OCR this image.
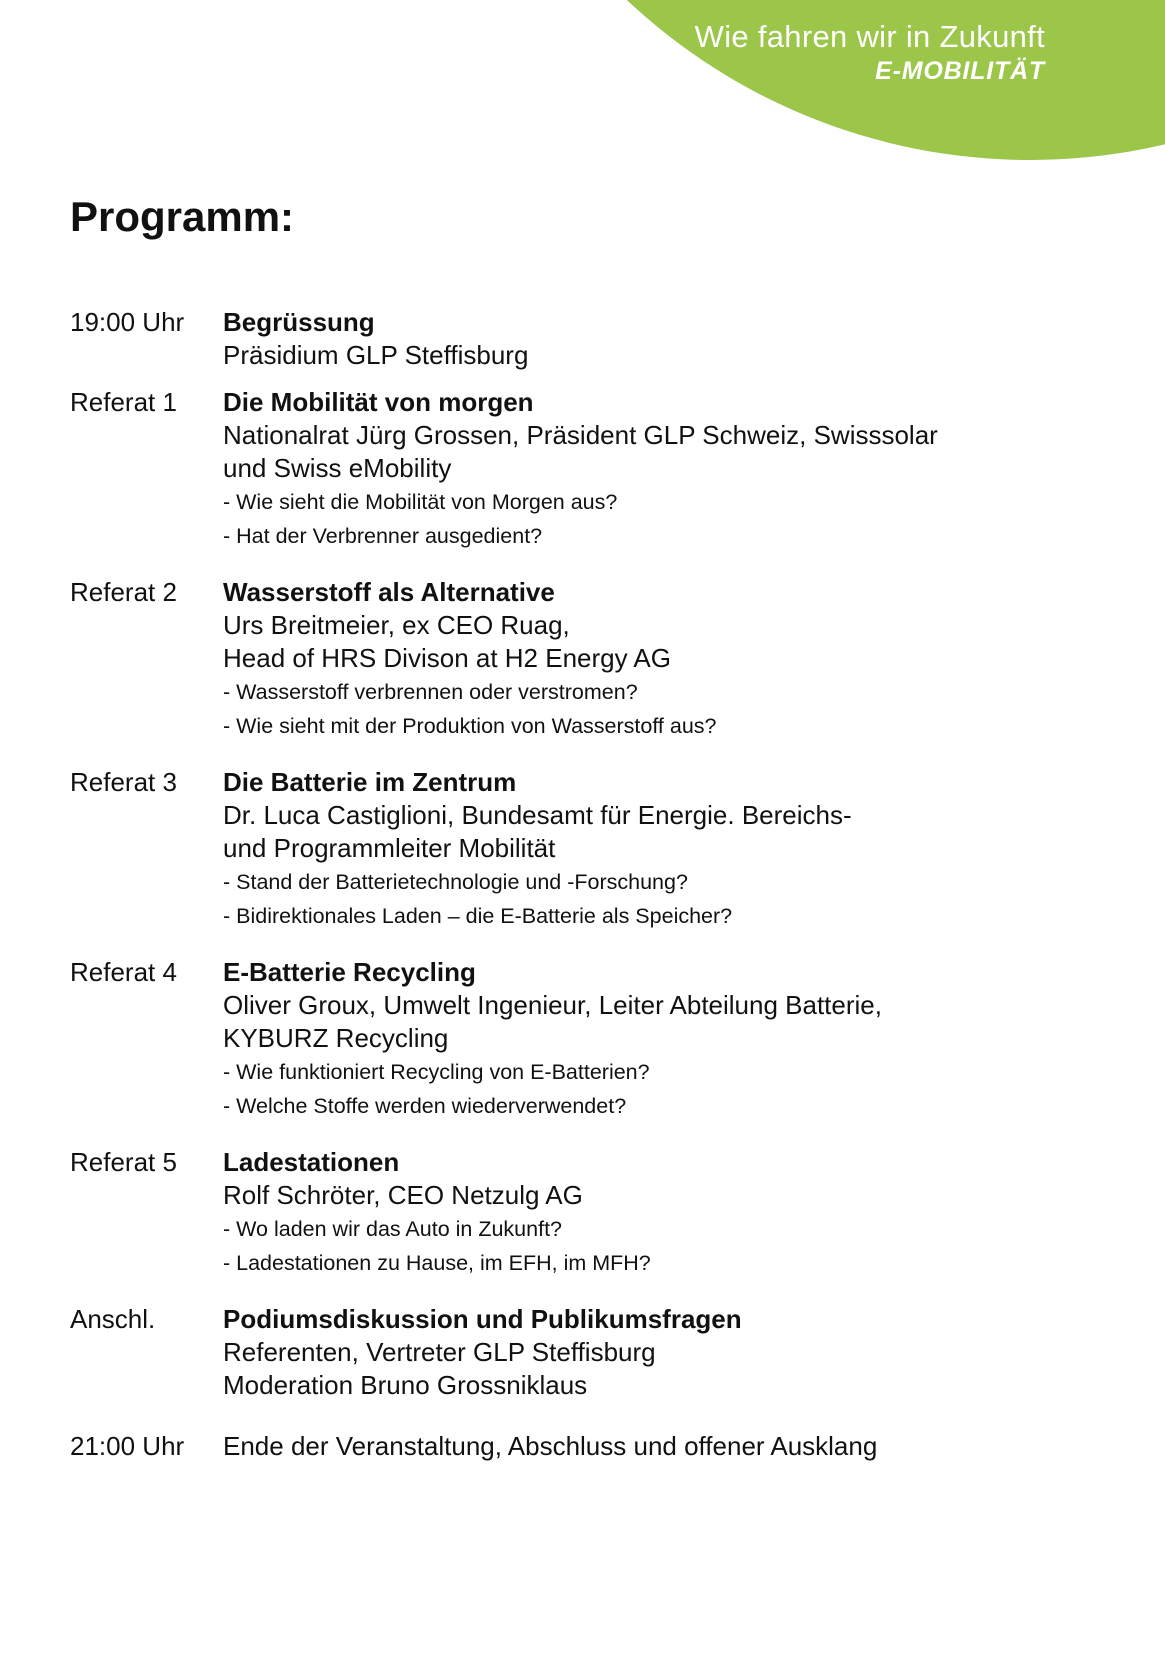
Wie fahren wir in Zukunft
E-MOBILITÄT
Programm:
19:00 Uhr	Begrüssung
Präsidium GLP Steffisburg
Referat 1	Die Mobilität von morgen
Nationalrat Jürg Grossen, Präsident GLP Schweiz, Swisssolar
und Swiss eMobility
- Wie sieht die Mobilität von Morgen aus?
- Hat der Verbrenner ausgedient?
Referat 2	Wasserstoff als Alternative
Urs Breitmeier, ex CEO Ruag,
Head of HRS Divison at H2 Energy AG
- Wasserstoff verbrennen oder verstromen?
- Wie sieht mit der Produktion von Wasserstoff aus?
Referat 3	Die Batterie im Zentrum
Dr. Luca Castiglioni, Bundesamt für Energie. Bereichs-
und Programmleiter Mobilität
- Stand der Batterietechnologie und -Forschung?
- Bidirektionales Laden – die E-Batterie als Speicher?
Referat 4	E-Batterie Recycling
Oliver Groux, Umwelt Ingenieur, Leiter Abteilung Batterie,
KYBURZ Recycling
- Wie funktioniert Recycling von E-Batterien?
- Welche Stoffe werden wiederverwendet?
Referat 5	Ladestationen
Rolf Schröter, CEO Netzulg AG
- Wo laden wir das Auto in Zukunft?
- Ladestationen zu Hause, im EFH, im MFH?
Anschl.	Podiumsdiskussion und Publikumsfragen
Referenten, Vertreter GLP Steffisburg
Moderation Bruno Grossniklaus
21:00 Uhr	Ende der Veranstaltung, Abschluss und offener Ausklang
